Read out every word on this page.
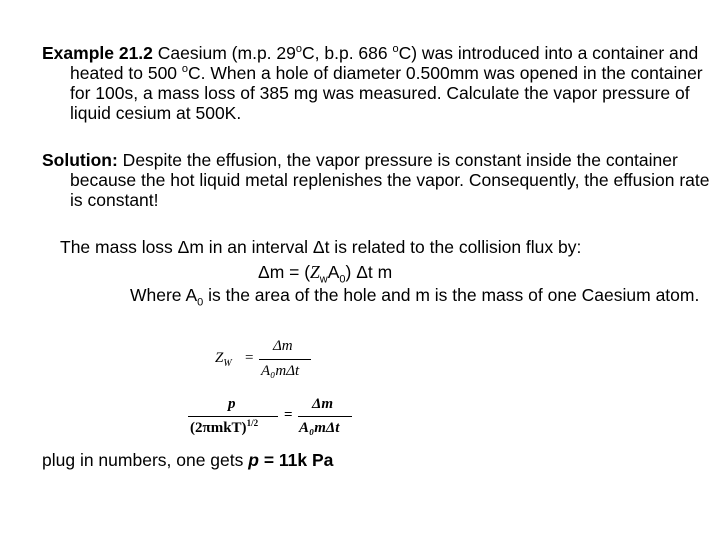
Example 21.2 Caesium (m.p. 29$^o$C, b.p. 686 $^o$C) was introduced into a container and heated to 500 $^o$C. When a hole of diameter 0.500mm was opened in the container for 100s, a mass loss of 385 mg was measured. Calculate the vapor pressure of liquid cesium at 500K.

Solution: Despite the effusion, the vapor pressure is constant inside the container because the hot liquid metal replenishes the vapor. Consequently, the effusion rate is constant!

The mass loss Δm in an interval Δt is related to the collision flux by:
$\Delta m = (Z_wA_0)$ Δt m

Where $A_0$ is the area of the hole and m is the mass of one Caesium atom.

$Z_W$ =
Δm
A₀mΔt
p
$(2\pi mkT)^{1/2}$ =
Δm
A₀mΔt
plug in numbers, one gets p = 11k Pa
